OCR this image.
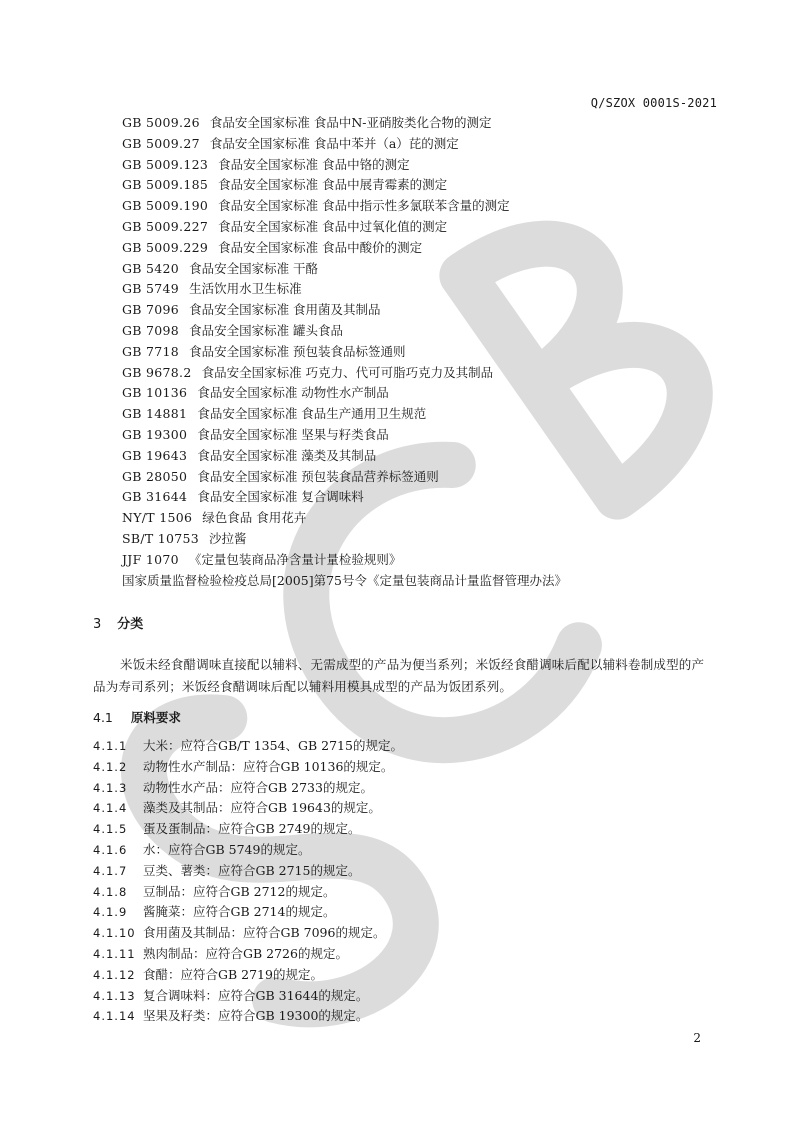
Q/SZOX 0001S-2021
GB 5009.26 食品安全国家标准 食品中N-亚硝胺类化合物的测定
GB 5009.27 食品安全国家标准 食品中苯并（a）芘的测定
GB 5009.123 食品安全国家标准 食品中铬的测定
GB 5009.185 食品安全国家标准 食品中展青霉素的测定
GB 5009.190 食品安全国家标准 食品中指示性多氯联苯含量的测定
GB 5009.227 食品安全国家标准 食品中过氧化值的测定
GB 5009.229 食品安全国家标准 食品中酸价的测定
GB 5420 食品安全国家标准 干酪
GB 5749 生活饮用水卫生标准
GB 7096 食品安全国家标准 食用菌及其制品
GB 7098 食品安全国家标准 罐头食品
GB 7718 食品安全国家标准 预包装食品标签通则
GB 9678.2 食品安全国家标准 巧克力、代可可脂巧克力及其制品
GB 10136 食品安全国家标准 动物性水产制品
GB 14881 食品安全国家标准 食品生产通用卫生规范
GB 19300 食品安全国家标准 坚果与籽类食品
GB 19643 食品安全国家标准 藻类及其制品
GB 28050 食品安全国家标准 预包装食品营养标签通则
GB 31644 食品安全国家标准 复合调味料
NY/T 1506 绿色食品 食用花卉
SB/T 10753 沙拉酱
JJF 1070 《定量包装商品净含量计量检验规则》
国家质量监督检验检疫总局[2005]第75号令《定量包装商品计量监督管理办法》
3 分类

米饭未经食醋调味直接配以辅料、无需成型的产品为便当系列；米饭经食醋调味后配以辅料卷制成型的产品为寿司系列；米饭经食醋调味后配以辅料用模具成型的产品为饭团系列。

4.1 原料要求
4.1.1 大米：应符合GB/T 1354、GB 2715的规定。
4.1.2 动物性水产制品：应符合GB 10136的规定。
4.1.3 动物性水产品：应符合GB 2733的规定。
4.1.4 藻类及其制品：应符合GB 19643的规定。
4.1.5 蛋及蛋制品：应符合GB 2749的规定。
4.1.6 水：应符合GB 5749的规定。
4.1.7 豆类、薯类：应符合GB 2715的规定。
4.1.8 豆制品：应符合GB 2712的规定。
4.1.9 酱腌菜：应符合GB 2714的规定。
4.1.10 食用菌及其制品：应符合GB 7096的规定。
4.1.11 熟肉制品：应符合GB 2726的规定。
4.1.12 食醋：应符合GB 2719的规定。
4.1.13 复合调味料：应符合GB 31644的规定。
4.1.14 坚果及籽类：应符合GB 19300的规定。
2
